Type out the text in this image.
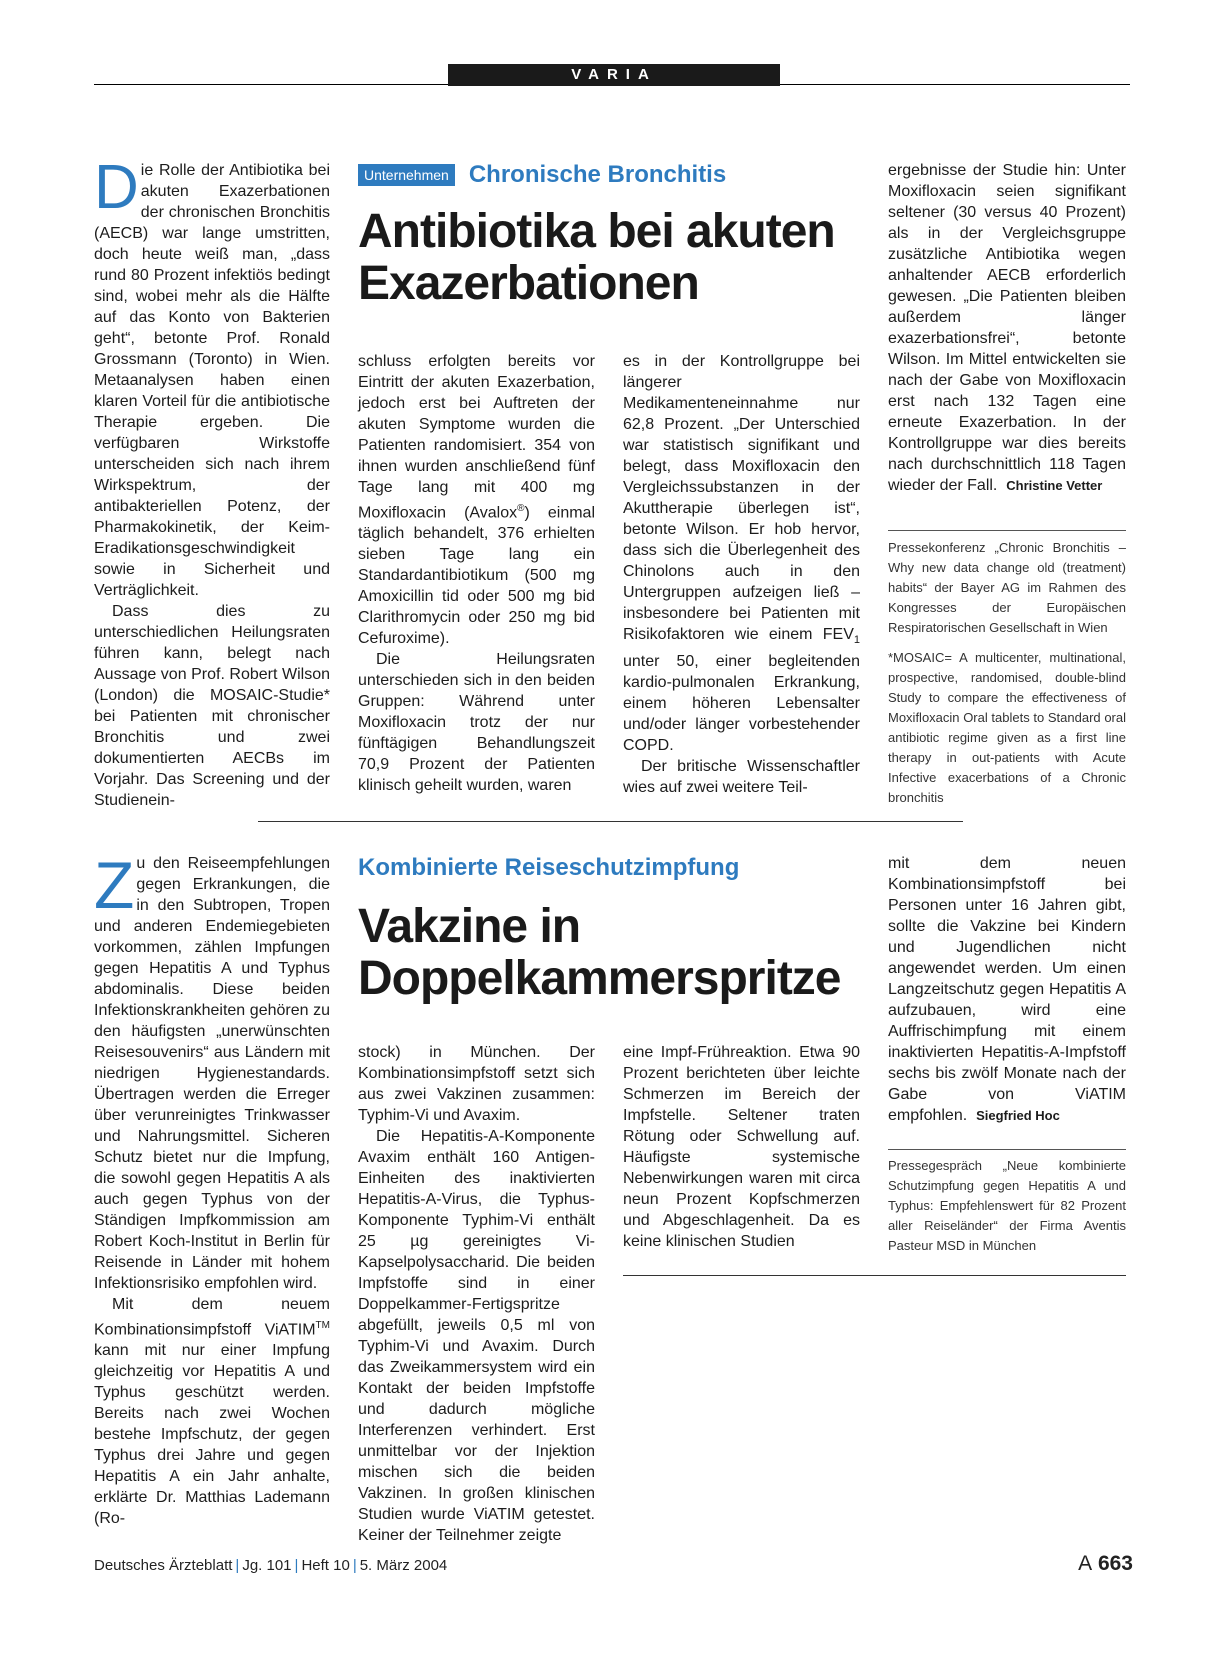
VARIA

Die Rolle der Antibiotika bei akuten Exazerbationen der chronischen Bronchitis (AECB) war lange umstritten, doch heute weiß man, „dass rund 80 Prozent infektiös bedingt sind, wobei mehr als die Hälfte auf das Konto von Bakterien geht“, betonte Prof. Ronald Grossmann (Toronto) in Wien. Metaanalysen haben einen klaren Vorteil für die antibiotische Therapie ergeben. Die verfügbaren Wirkstoffe unterscheiden sich nach ihrem Wirkspektrum, der antibakteriellen Potenz, der Pharmakokinetik, der Keim-Eradikationsgeschwindigkeit sowie in Sicherheit und Verträglichkeit.

Dass dies zu unterschiedlichen Heilungsraten führen kann, belegt nach Aussage von Prof. Robert Wilson (London) die MOSAIC-Studie* bei Patienten mit chronischer Bronchitis und zwei dokumentierten AECBs im Vorjahr. Das Screening und der Studienein-

Unternehmen Chronische Bronchitis
Antibiotika bei akuten
Exazerbationen

schluss erfolgten bereits vor Eintritt der akuten Exazerbation, jedoch erst bei Auftreten der akuten Symptome wurden die Patienten randomisiert. 354 von ihnen wurden anschließend fünf Tage lang mit 400 mg Moxifloxacin (Avalox®) einmal täglich behandelt, 376 erhielten sieben Tage lang ein Standardantibiotikum (500 mg Amoxicillin tid oder 500 mg bid Clarithromycin oder 250 mg bid Cefuroxime).

Die Heilungsraten unterschieden sich in den beiden Gruppen: Während unter Moxifloxacin trotz der nur fünftägigen Behandlungszeit 70,9 Prozent der Patienten klinisch geheilt wurden, waren

es in der Kontrollgruppe bei längerer Medikamenteneinnahme nur 62,8 Prozent. „Der Unterschied war statistisch signifikant und belegt, dass Moxifloxacin den Vergleichssubstanzen in der Akuttherapie überlegen ist“, betonte Wilson. Er hob hervor, dass sich die Überlegenheit des Chinolons auch in den Untergruppen aufzeigen ließ – insbesondere bei Patienten mit Risikofaktoren wie einem $FEV_1$ unter 50, einer begleitenden kardio-pulmonalen Erkrankung, einem höheren Lebensalter und/oder länger vorbestehender COPD.

Der britische Wissenschaftler wies auf zwei weitere Teil-

ergebnisse der Studie hin: Unter Moxifloxacin seien signifikant seltener (30 versus 40 Prozent) als in der Vergleichsgruppe zusätzliche Antibiotika wegen anhaltender AECB erforderlich gewesen. „Die Patienten bleiben außerdem länger exazerbationsfrei“, betonte Wilson. Im Mittel entwickelten sie nach der Gabe von Moxifloxacin erst nach 132 Tagen eine erneute Exazerbation. In der Kontrollgruppe war dies bereits nach durchschnittlich 118 Tagen wieder der Fall. Christine Vetter

Pressekonferenz „Chronic Bronchitis – Why new data change old (treatment) habits“ der Bayer AG im Rahmen des Kongresses der Europäischen Respiratorischen Gesellschaft in Wien

*MOSAIC= A multicenter, multinational, prospective, randomised, double-blind Study to compare the effectiveness of Moxifloxacin Oral tablets to Standard oral antibiotic regime given as a first line therapy in out-patients with Acute Infective exacerbations of a Chronic bronchitis

Zu den Reiseempfehlungen gegen Erkrankungen, die in den Subtropen, Tropen und anderen Endemiegebieten vorkommen, zählen Impfungen gegen Hepatitis A und Typhus abdominalis. Diese beiden Infektionskrankheiten gehören zu den häufigsten „unerwünschten Reisesouvenirs“ aus Ländern mit niedrigen Hygienestandards. Übertragen werden die Erreger über verunreinigtes Trinkwasser und Nahrungsmittel. Sicheren Schutz bietet nur die Impfung, die sowohl gegen Hepatitis A als auch gegen Typhus von der Ständigen Impfkommission am Robert Koch-Institut in Berlin für Reisende in Länder mit hohem Infektionsrisiko empfohlen wird.

Mit dem neuem Kombinationsimpfstoff ViATIM™ kann mit nur einer Impfung gleichzeitig vor Hepatitis A und Typhus geschützt werden. Bereits nach zwei Wochen bestehe Impfschutz, der gegen Typhus drei Jahre und gegen Hepatitis A ein Jahr anhalte, erklärte Dr. Matthias Lademann (Ro-

Kombinierte Reiseschutzimpfung
Vakzine in
Doppelkammerspritze

stock) in München. Der Kombinationsimpfstoff setzt sich aus zwei Vakzinen zusammen: Typhim-Vi und Avaxim.

Die Hepatitis-A-Komponente Avaxim enthält 160 Antigen-Einheiten des inaktivierten Hepatitis-A-Virus, die Typhus-Komponente Typhim-Vi enthält 25 µg gereinigtes Vi-Kapselpolysaccharid. Die beiden Impfstoffe sind in einer Doppelkammer-Fertigspritze abgefüllt, jeweils 0,5 ml von Typhim-Vi und Avaxim. Durch das Zweikammersystem wird ein Kontakt der beiden Impfstoffe und dadurch mögliche Interferenzen verhindert. Erst unmittelbar vor der Injektion mischen sich die beiden Vakzinen. In großen klinischen Studien wurde ViATIM getestet. Keiner der Teilnehmer zeigte

eine Impf-Frühreaktion. Etwa 90 Prozent berichteten über leichte Schmerzen im Bereich der Impfstelle. Seltener traten Rötung oder Schwellung auf. Häufigste systemische Nebenwirkungen waren mit circa neun Prozent Kopfschmerzen und Abgeschlagenheit. Da es keine klinischen Studien

mit dem neuen Kombinationsimpfstoff bei Personen unter 16 Jahren gibt, sollte die Vakzine bei Kindern und Jugendlichen nicht angewendet werden. Um einen Langzeitschutz gegen Hepatitis A aufzubauen, wird eine Auffrischimpfung mit einem inaktivierten Hepatitis-A-Impfstoff sechs bis zwölf Monate nach der Gabe von ViATIM empfohlen. Siegfried Hoc

Pressegespräch „Neue kombinierte Schutzimpfung gegen Hepatitis A und Typhus: Empfehlenswert für 82 Prozent aller Reiseländer“ der Firma Aventis Pasteur MSD in München

Deutsches Ärzteblatt | Jg. 101 | Heft 10 | 5. März 2004	A 663
